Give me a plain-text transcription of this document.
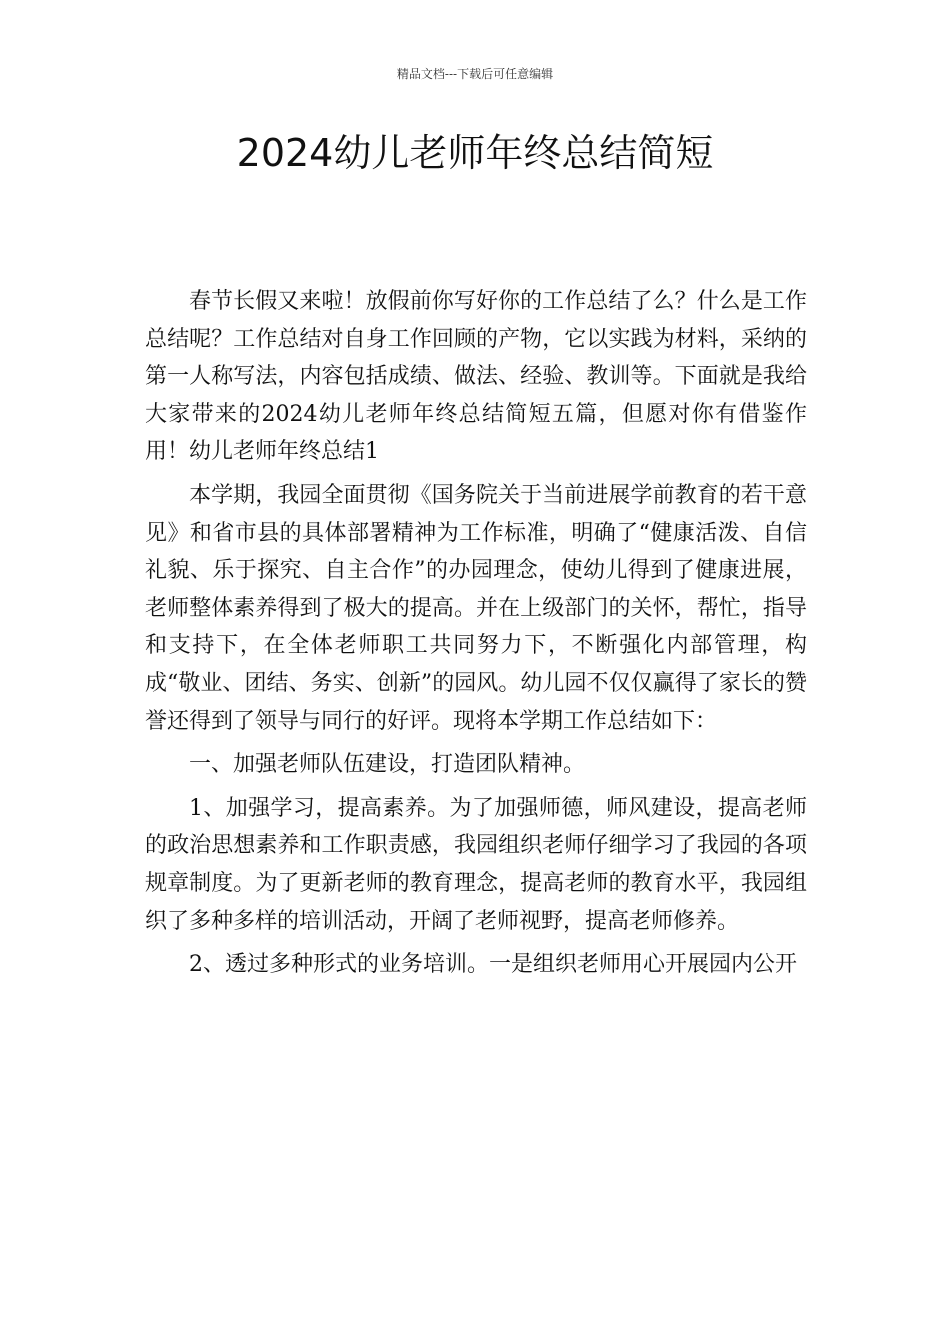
精品文档---下载后可任意编辑
2024幼儿老师年终总结简短

春节长假又来啦！放假前你写好你的工作总结了么？什么是工作总结呢？工作总结对自身工作回顾的产物，它以实践为材料，采纳的第一人称写法，内容包括成绩、做法、经验、教训等。下面就是我给大家带来的2024幼儿老师年终总结简短五篇，但愿对你有借鉴作用！幼儿老师年终总结1

本学期，我园全面贯彻《国务院关于当前进展学前教育的若干意见》和省市县的具体部署精神为工作标准，明确了“健康活泼、自信礼貌、乐于探究、自主合作”的办园理念，使幼儿得到了健康进展，老师整体素养得到了极大的提高。并在上级部门的关怀，帮忙，指导和支持下，在全体老师职工共同努力下，不断强化内部管理，构成“敬业、团结、务实、创新”的园风。幼儿园不仅仅赢得了家长的赞誉还得到了领导与同行的好评。现将本学期工作总结如下：

一、加强老师队伍建设，打造团队精神。

1、加强学习，提高素养。为了加强师德，师风建设，提高老师的政治思想素养和工作职责感，我园组织老师仔细学习了我园的各项规章制度。为了更新老师的教育理念，提高老师的教育水平，我园组织了多种多样的培训活动，开阔了老师视野，提高老师修养。

2、透过多种形式的业务培训。一是组织老师用心开展园内公开
